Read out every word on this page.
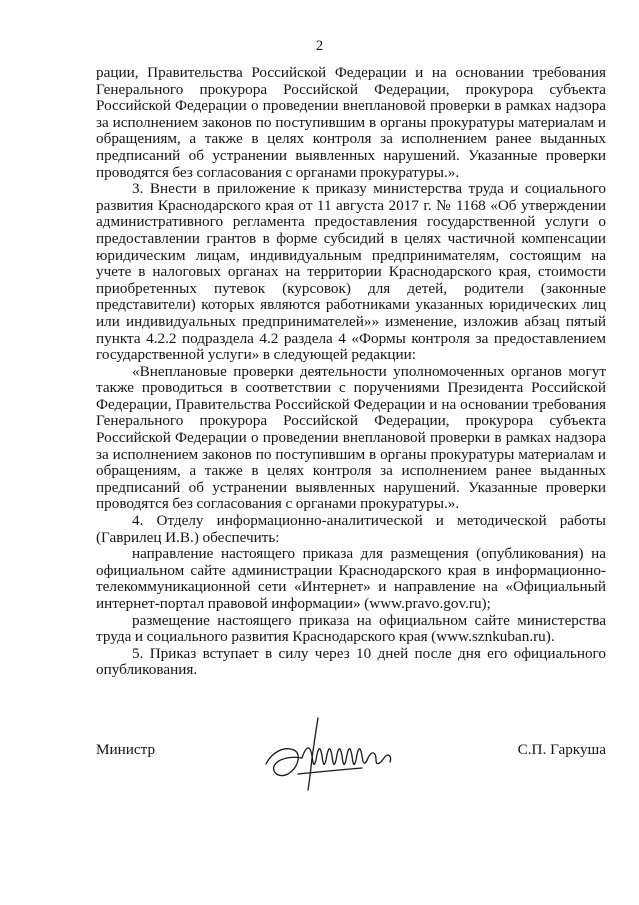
2

рации, Правительства Российской Федерации и на основании требования Генерального прокурора Российской Федерации, прокурора субъекта Российской Федерации о проведении внеплановой проверки в рамках надзора за исполнением законов по поступившим в органы прокуратуры материалам и обращениям, а также в целях контроля за исполнением ранее выданных предписаний об устранении выявленных нарушений. Указанные проверки проводятся без согласования с органами прокуратуры.».

3. Внести в приложение к приказу министерства труда и социального развития Краснодарского края от 11 августа 2017 г. № 1168 «Об утверждении административного регламента предоставления государственной услуги о предоставлении грантов в форме субсидий в целях частичной компенсации юридическим лицам, индивидуальным предпринимателям, состоящим на учете в налоговых органах на территории Краснодарского края, стоимости приобретенных путевок (курсовок) для детей, родители (законные представители) которых являются работниками указанных юридических лиц или индивидуальных предпринимателей»» изменение, изложив абзац пятый пункта 4.2.2 подраздела 4.2 раздела 4 «Формы контроля за предоставлением государственной услуги» в следующей редакции:

«Внеплановые проверки деятельности уполномоченных органов могут также проводиться в соответствии с поручениями Президента Российской Федерации, Правительства Российской Федерации и на основании требования Генерального прокурора Российской Федерации, прокурора субъекта Российской Федерации о проведении внеплановой проверки в рамках надзора за исполнением законов по поступившим в органы прокуратуры материалам и обращениям, а также в целях контроля за исполнением ранее выданных предписаний об устранении выявленных нарушений. Указанные проверки проводятся без согласования с органами прокуратуры.».

4. Отделу информационно-аналитической и методической работы (Гаврилец И.В.) обеспечить:

направление настоящего приказа для размещения (опубликования) на официальном сайте администрации Краснодарского края в информационно-телекоммуникационной сети «Интернет» и направление на «Официальный интернет-портал правовой информации» (www.pravo.gov.ru);

размещение настоящего приказа на официальном сайте министерства труда и социального развития Краснодарского края (www.sznkuban.ru).

5. Приказ вступает в силу через 10 дней после дня его официального опубликования.

Министр	С.П. Гаркуша
